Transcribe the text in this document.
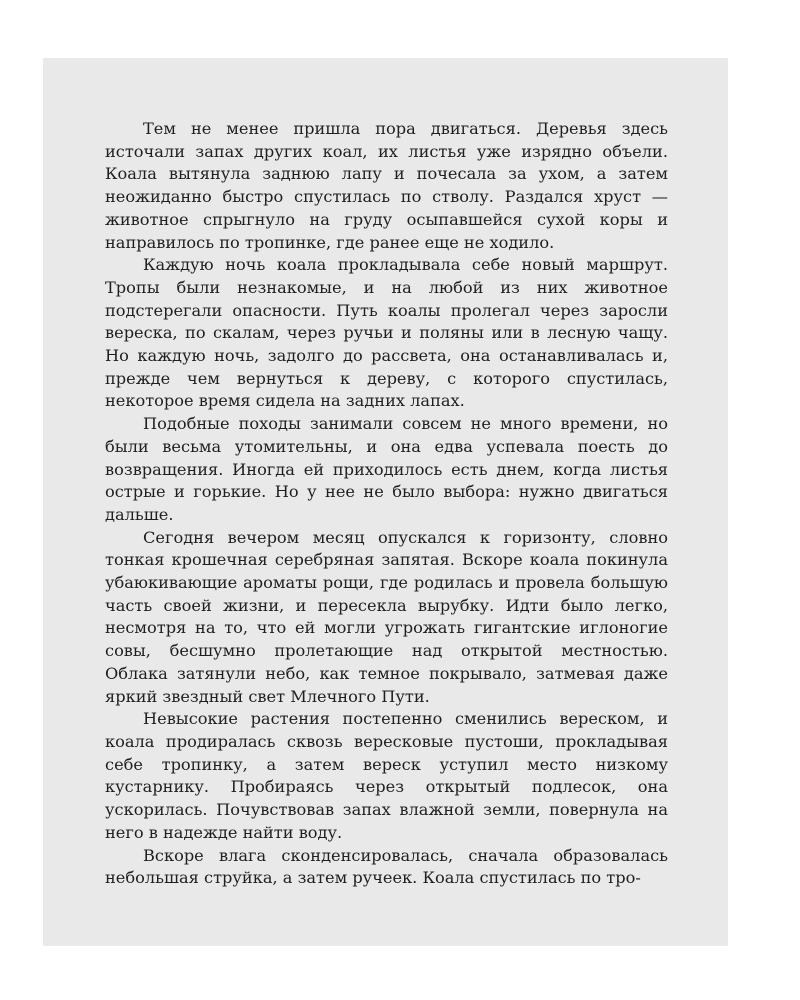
Тем не менее пришла пора двигаться. Деревья здесь источали запах других коал, их листья уже изрядно объели. Коала вытянула заднюю лапу и почесала за ухом, а затем неожиданно быстро спустилась по стволу. Раздался хруст — животное спрыгнуло на груду осыпавшейся сухой коры и направилось по тропинке, где ранее еще не ходило.

Каждую ночь коала прокладывала себе новый маршрут. Тропы были незнакомые, и на любой из них животное подстерегали опасности. Путь коалы пролегал через заросли вереска, по скалам, через ручьи и поляны или в лесную чащу. Но каждую ночь, задолго до рассвета, она останавливалась и, прежде чем вернуться к дереву, с которого спустилась, некоторое время сидела на задних лапах.

Подобные походы занимали совсем не много времени, но были весьма утомительны, и она едва успевала поесть до возвращения. Иногда ей приходилось есть днем, когда листья острые и горькие. Но у нее не было выбора: нужно двигаться дальше.

Сегодня вечером месяц опускался к горизонту, словно тонкая крошечная серебряная запятая. Вскоре коала покинула убаюкивающие ароматы рощи, где родилась и провела большую часть своей жизни, и пересекла вырубку. Идти было легко, несмотря на то, что ей могли угрожать гигантские иглоногие совы, бесшумно пролетающие над открытой местностью. Облака затянули небо, как темное покрывало, затмевая даже яркий звездный свет Млечного Пути.

Невысокие растения постепенно сменились вереском, и коала продиралась сквозь вересковые пустоши, прокладывая себе тропинку, а затем вереск уступил место низкому кустарнику. Пробираясь через открытый подлесок, она ускорилась. Почувствовав запах влажной земли, повернула на него в надежде найти воду.

Вскоре влага сконденсировалась, сначала образовалась небольшая струйка, а затем ручеек. Коала спустилась по тро-
